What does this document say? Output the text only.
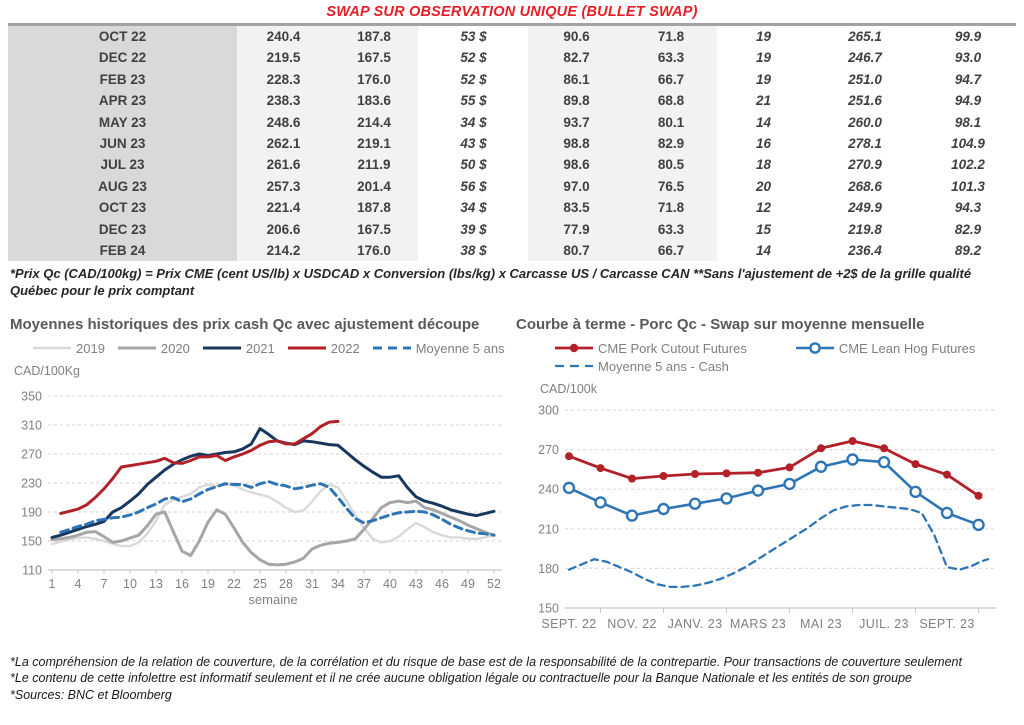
SWAP SUR OBSERVATION UNIQUE (BULLET SWAP)
OCT 22	240.4	187.8	53 $	90.6	71.8	19	265.1	99.9
DEC 22	219.5	167.5	52 $	82.7	63.3	19	246.7	93.0
FEB 23	228.3	176.0	52 $	86.1	66.7	19	251.0	94.7
APR 23	238.3	183.6	55 $	89.8	68.8	21	251.6	94.9
MAY 23	248.6	214.4	34 $	93.7	80.1	14	260.0	98.1
JUN 23	262.1	219.1	43 $	98.8	82.9	16	278.1	104.9
JUL 23	261.6	211.9	50 $	98.6	80.5	18	270.9	102.2
AUG 23	257.3	201.4	56 $	97.0	76.5	20	268.6	101.3
OCT 23	221.4	187.8	34 $	83.5	71.8	12	249.9	94.3
DEC 23	206.6	167.5	39 $	77.9	63.3	15	219.8	82.9
FEB 24	214.2	176.0	38 $	80.7	66.7	14	236.4	89.2

*Prix Qc (CAD/100kg) = Prix CME (cent US/lb) x USDCAD x Conversion (lbs/kg) x Carcasse US / Carcasse CAN **Sans l'ajustement de +2$ de la grille qualité
Québec pour le prix comptant

Moyennes historiques des prix cash Qc avec ajustement découpe
2019	2020	2021	2022	Moyenne 5 ans
CAD/100Kg
110
150
190
230
270
310
350
1 4 7 10 13 16 19 22 25 28 31 34 37 40 43 46 49 52
semaine
Courbe à terme - Porc Qc - Swap sur moyenne mensuelle
CME Pork Cutout Futures	CME Lean Hog Futures
Moyenne 5 ans - Cash
CAD/100k
150
180
210
240
270
300
SEPT. 22 NOV. 22 JANV. 23 MARS 23 MAI 23 JUIL. 23 SEPT. 23
*La compréhension de la relation de couverture, de la corrélation et du risque de base est de la responsabilité de la contrepartie. Pour transactions de couverture seulement
*Le contenu de cette infolettre est informatif seulement et il ne crée aucune obligation légale ou contractuelle pour la Banque Nationale et les entités de son groupe
*Sources: BNC et Bloomberg
